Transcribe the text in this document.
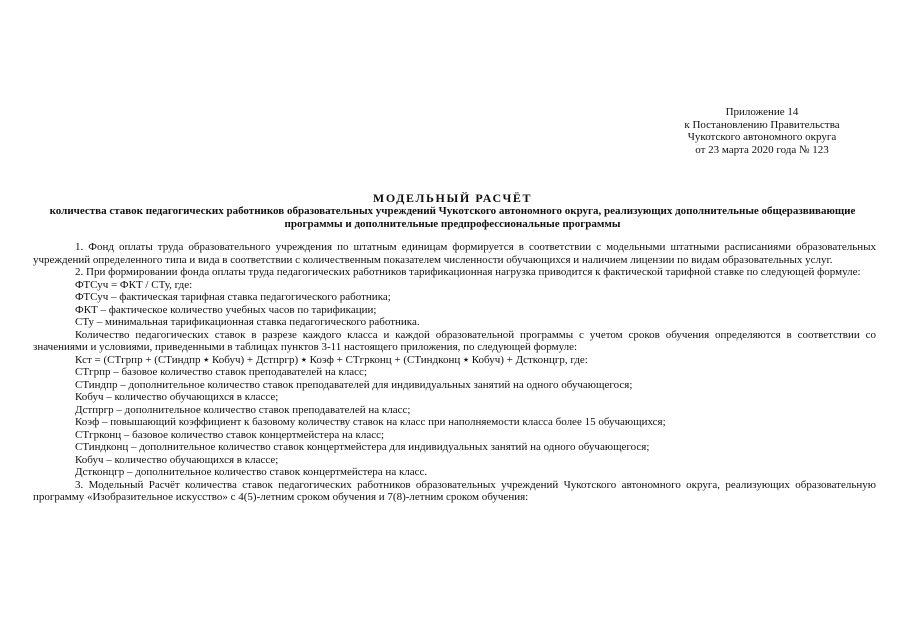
Приложение 14
к Постановлению Правительства
Чукотского автономного округа
от 23 марта 2020 года № 123
МОДЕЛЬНЫЙ РАСЧЁТ
количества ставок педагогических работников образовательных учреждений Чукотского автономного округа, реализующих дополнительные общеразвивающие программы и дополнительные предпрофессиональные программы

1. Фонд оплаты труда образовательного учреждения по штатным единицам формируется в соответствии с модельными штатными расписаниями образовательных учреждений определенного типа и вида в соответствии с количественным показателем численности обучающихся и наличием лицензии по видам образовательных услуг.

2. При формировании фонда оплаты труда педагогических работников тарификационная нагрузка приводится к фактической тарифной ставке по следующей формуле:

ФТСуч = ФКТ / СТу, где:

ФТСуч – фактическая тарифная ставка педагогического работника;

ФКТ – фактическое количество учебных часов по тарификации;

СТу – минимальная тарификационная ставка педагогического работника.

Количество педагогических ставок в разрезе каждого класса и каждой образовательной программы с учетом сроков обучения определяются в соответствии со значениями и условиями, приведенными в таблицах пунктов 3-11 настоящего приложения, по следующей формуле:

Кст = (СТгрпр + (СТиндпр ٭ Кобуч) + Дстпргр) ٭ Коэф + СТгрконц + (СТиндконц ٭ Кобуч) + Дстконцгр, где:

СТгрпр – базовое количество ставок преподавателей на класс;

СТиндпр – дополнительное количество ставок преподавателей для индивидуальных занятий на одного обучающегося;

Кобуч – количество обучающихся в классе;

Дстпргр – дополнительное количество ставок преподавателей на класс;

Коэф – повышающий коэффициент к базовому количеству ставок на класс при наполняемости класса более 15 обучающихся;

СТгрконц – базовое количество ставок концертмейстера на класс;

СТиндконц – дополнительное количество ставок концертмейстера для индивидуальных занятий на одного обучающегося;

Кобуч – количество обучающихся в классе;

Дстконцгр – дополнительное количество ставок концертмейстера на класс.

3. Модельный Расчёт количества ставок педагогических работников образовательных учреждений Чукотского автономного округа, реализующих образовательную программу «Изобразительное искусство» с 4(5)-летним сроком обучения и 7(8)-летним сроком обучения:
